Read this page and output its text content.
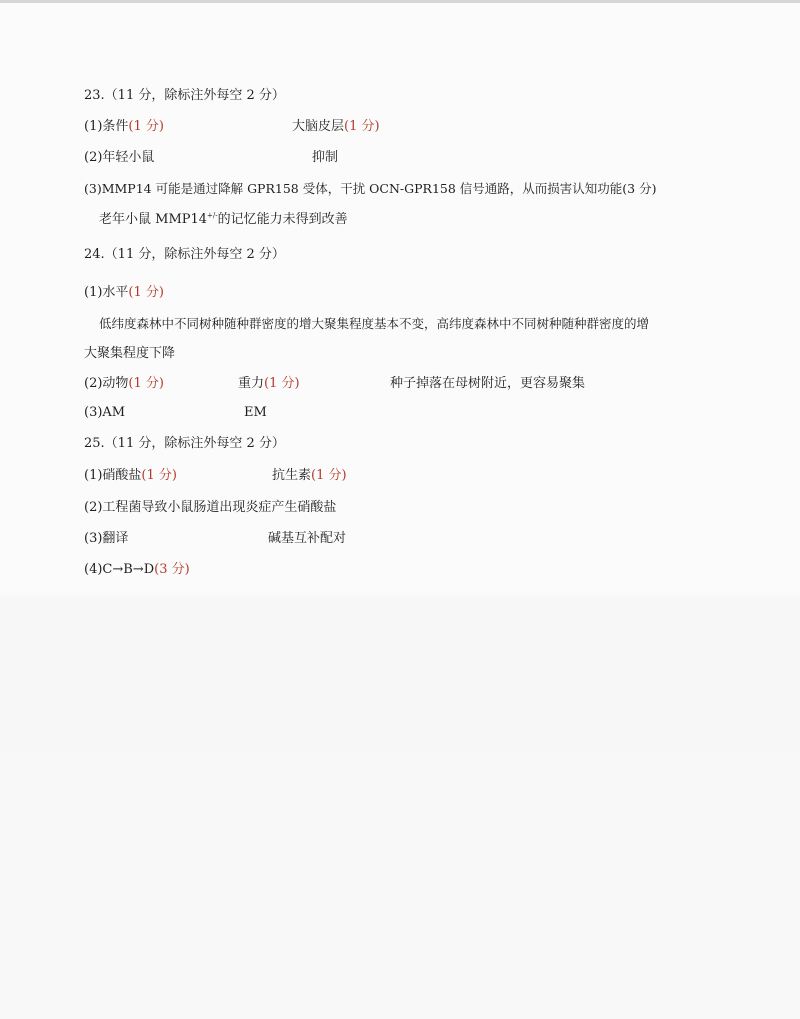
23.（11 分，除标注外每空 2 分）
(1)条件(1 分)	大脑皮层(1 分)
(2)年轻小鼠	抑制
(3)MMP14 可能是通过降解 GPR158 受体，干扰 OCN-GPR158 信号通路，从而损害认知功能(3 分)
老年小鼠 MMP14+/-的记忆能力未得到改善
24.（11 分，除标注外每空 2 分）
(1)水平(1 分)
低纬度森林中不同树种随种群密度的增大聚集程度基本不变，高纬度森林中不同树种随种群密度的增
大聚集程度下降
(2)动物(1 分)	重力(1 分)	种子掉落在母树附近，更容易聚集
(3)AM	EM
25.（11 分，除标注外每空 2 分）
(1)硝酸盐(1 分)	抗生素(1 分)
(2)工程菌导致小鼠肠道出现炎症产生硝酸盐
(3)翻译	碱基互补配对
(4)C→B→D(3 分)
